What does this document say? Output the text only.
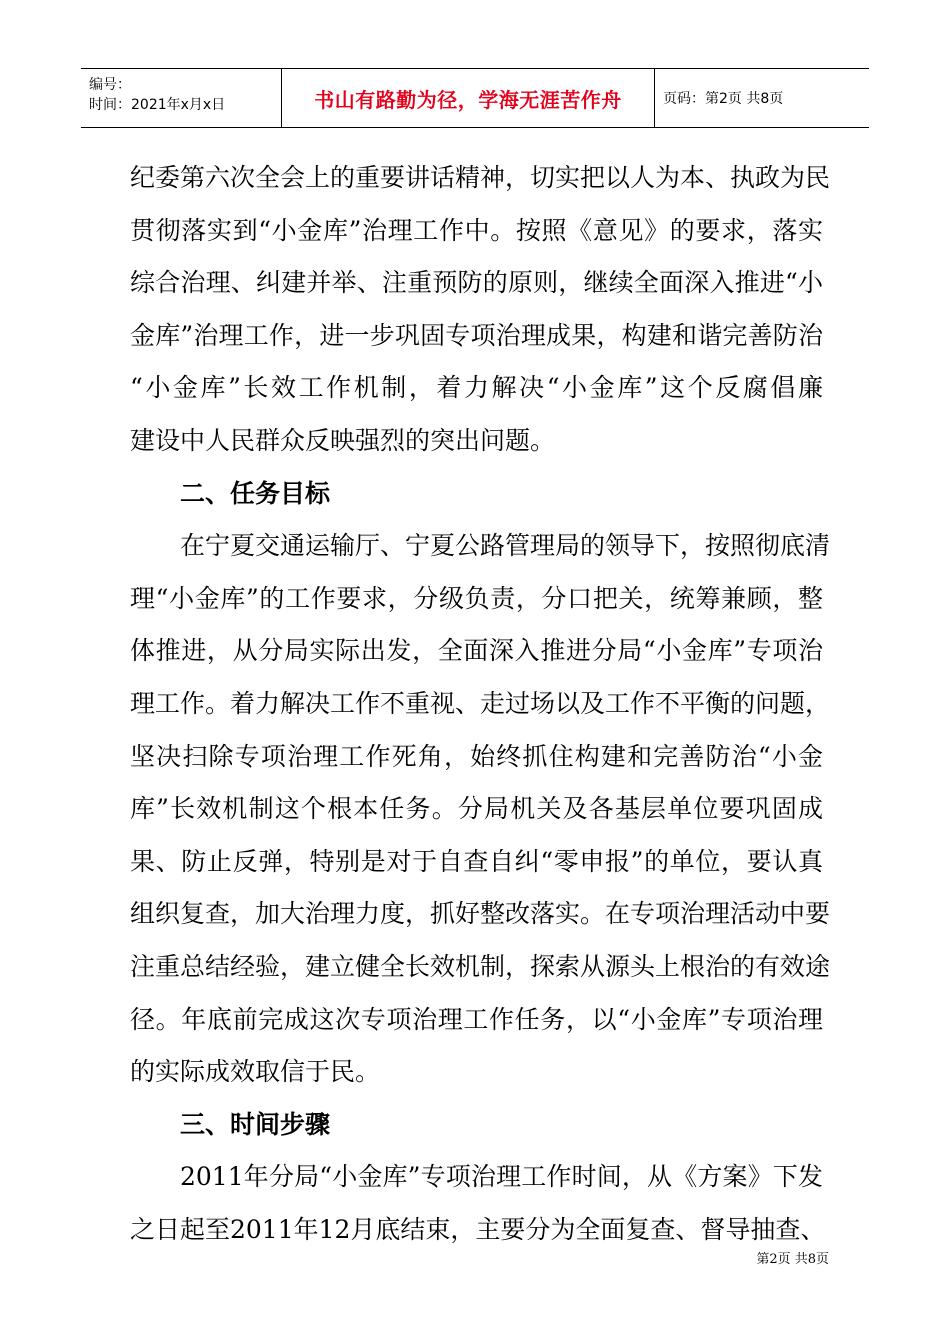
编号：
时间：2021年x月x日	书山有路勤为径，学海无涯苦作舟	页码：第2页 共8页
纪委第六次全会上的重要讲话精神，切实把以人为本、执政为民
贯彻落实到“小金库”治理工作中。按照《意见》的要求，落实
综合治理、纠建并举、注重预防的原则，继续全面深入推进“小
金库”治理工作，进一步巩固专项治理成果，构建和谐完善防治
“小金库”长效工作机制，着力解决“小金库”这个反腐倡廉
建设中人民群众反映强烈的突出问题。
二、任务目标
在宁夏交通运输厅、宁夏公路管理局的领导下，按照彻底清
理“小金库”的工作要求，分级负责，分口把关，统筹兼顾，整
体推进，从分局实际出发，全面深入推进分局“小金库”专项治
理工作。着力解决工作不重视、走过场以及工作不平衡的问题，
坚决扫除专项治理工作死角，始终抓住构建和完善防治“小金
库”长效机制这个根本任务。分局机关及各基层单位要巩固成
果、防止反弹，特别是对于自查自纠“零申报”的单位，要认真
组织复查，加大治理力度，抓好整改落实。在专项治理活动中要
注重总结经验，建立健全长效机制，探索从源头上根治的有效途
径。年底前完成这次专项治理工作任务，以“小金库”专项治理
的实际成效取信于民。
三、时间步骤
2011年分局“小金库”专项治理工作时间，从《方案》下发
之日起至2011年12月底结束，主要分为全面复查、督导抽查、
第2页 共8页
